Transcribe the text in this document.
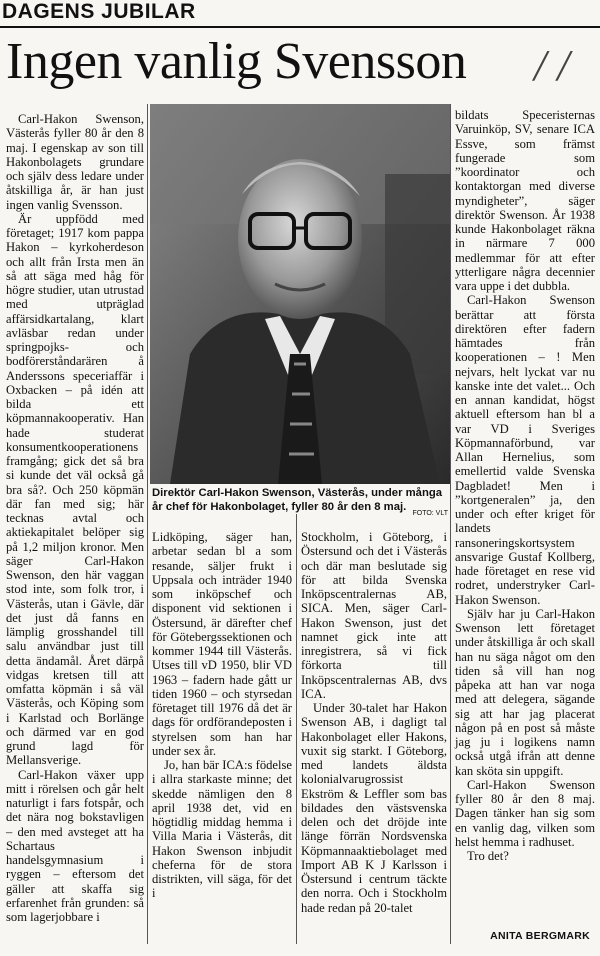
DAGENS JUBILAR
Ingen vanlig Svensson / /

Carl-Hakon Swenson, Västerås fyller 80 år den 8 maj. I egenskap av son till Hakonbolagets grundare och själv dess ledare under åtskilliga år, är han just ingen vanlig Svensson.

Är uppfödd med företaget; 1917 kom pappa Hakon – kyrkoherdeson och allt från Irsta men än så att säga med håg för högre studier, utan utrustad med utpräglad affärsidkartalang, klart avläsbar redan under springpojks- och bodförerståndarären å Anderssons speceriaffär i Oxbacken – på idén att bilda ett köpmannakooperativ. Han hade studerat konsumentkooperationens framgång; gick det så bra si kunde det väl också gå bra så?. Och 250 köpmän där fan med sig; här tecknas avtal och aktiekapitalet belöper sig på 1,2 miljon kronor. Men säger Carl-Hakon Swenson, den här vaggan stod inte, som folk tror, i Västerås, utan i Gävle, där det just då fanns en lämplig grosshandel till salu användbar just till detta ändamål. Året därpå vidgas kretsen till att omfatta köpmän i så väl Västerås, och Köping som i Karlstad och Borlänge och därmed var en god grund lagd för Mellansverige.

Carl-Hakon växer upp mitt i rörelsen och går helt naturligt i fars fotspår, och det nära nog bokstavligen – den med avsteget att ha Schartaus handelsgymnasium i ryggen – eftersom det gäller att skaffa sig erfarenhet från grunden: så som lagerjobbare i

Direktör Carl-Hakon Swenson, Västerås, under många år chef för Hakonbolaget, fyller 80 år den 8 maj.
FOTO: VLT

Lidköping, säger han, arbetar sedan bl a som resande, säljer frukt i Uppsala och inträder 1940 som inköpschef och disponent vid sektionen i Östersund, är därefter chef för Götebergssektionen och kommer 1944 till Västerås. Utses till vD 1950, blir VD 1963 – fadern hade gått ur tiden 1960 – och styrsedan företaget till 1976 då det är dags för ordförandeposten i styrelsen som han har under sex år.

Jo, han bär ICA:s födelse i allra starkaste minne; det skedde nämligen den 8 april 1938 det, vid en högtidlig middag hemma i Villa Maria i Västerås, dit Hakon Swenson inbjudit cheferna för de stora distrikten, vill säga, för det i

Stockholm, i Göteborg, i Östersund och det i Västerås och där man beslutade sig för att bilda Svenska Inköpscentralernas AB, SICA. Men, säger Carl-Hakon Swenson, just det namnet gick inte att inregistrera, så vi fick förkorta till Inköpscentralernas AB, dvs ICA.

Under 30-talet har Hakon Swenson AB, i dagligt tal Hakonbolaget eller Hakons, vuxit sig starkt. I Göteborg, med landets äldsta kolonialvarugrossist Ekström & Leffler som bas bildades den västsvenska delen och det dröjde inte länge förrän Nordsvenska Köpmannaaktiebolaget med Import AB K J Karlsson i Östersund i centrum täckte den norra. Och i Stockholm hade redan på 20-talet

bildats Speceristernas Varuinköp, SV, senare ICA Essve, som främst fungerade som ”koordinator och kontaktorgan med diverse myndigheter”, säger direktör Swenson. År 1938 kunde Hakonbolaget räkna in närmare 7 000 medlemmar för att efter ytterligare några decennier vara uppe i det dubbla.

Carl-Hakon Swenson berättar att första direktören efter fadern hämtades från kooperationen – ! Men nejvars, helt lyckat var nu kanske inte det valet... Och en annan kandidat, högst aktuell eftersom han bl a var VD i Sveriges Köpmannaförbund, var Allan Hernelius, som emellertid valde Svenska Dagbladet! Men i ”kortgeneralen” ja, den under och efter kriget för landets ransoneringskortsystem ansvarige Gustaf Kollberg, hade företaget en rese vid rodret, understryker Carl-Hakon Swenson.

Själv har ju Carl-Hakon Swenson lett företaget under åtskilliga år och skall han nu säga något om den tiden så vill han nog påpeka att han var noga med att delegera, sägande sig att har jag placerat någon på en post så måste jag ju i logikens namn också utgå ifrån att denne kan sköta sin uppgift.

Carl-Hakon Swenson fyller 80 år den 8 maj. Dagen tänker han sig som en vanlig dag, vilken som helst hemma i radhuset.

Tro det?

ANITA BERGMARK
